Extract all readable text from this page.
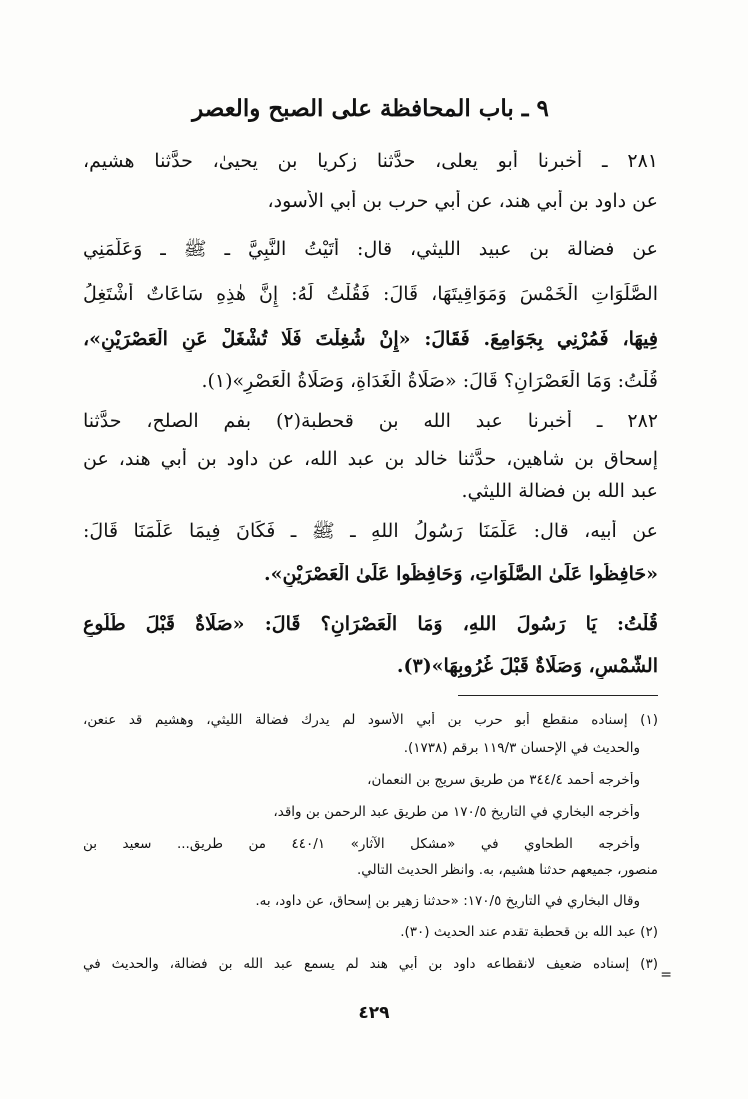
٩ ـ باب المحافظة على الصبح والعصر
٢٨١ ـ أخبرنا أبو يعلى، حدَّثنا زكريا بن يحيىٰ، حدَّثنا هشيم،
عن داود بن أبي هند، عن أبي حرب بن أبي الأسود،
عن فضالة بن عبيد الليثي، قال: أَتَيْتُ النَّبِيَّ ـ ﷺ ـ وَعَلَّمَنِي
الصَّلَوَاتِ الْخَمْسَ وَمَوَاقِيتَهَا، قَالَ: فَقُلْتُ لَهُ: إِنَّ هٰذِهِ سَاعَاتٌ أَشْتَغِلُ
فِيهَا، فَمُرْنِي بِجَوَامِعَ. فَقَالَ: «إِنْ شُغِلْتَ فَلَا تُشْغَلْ عَنِ الْعَصْرَيْنِ»،
قُلْتُ: وَمَا الْعَصْرَانِ؟ قَالَ: «صَلَاةُ الْغَدَاةِ، وَصَلَاةُ الْعَصْرِ»(١).
٢٨٢ ـ أخبرنا عبد الله بن قحطبة(٢) بفم الصلح، حدَّثنا
إسحاق بن شاهين، حدَّثنا خالد بن عبد الله، عن داود بن أبي هند، عن
عبد الله بن فضالة الليثي.
عن أبيه، قال: عَلَّمَنَا رَسُولُ اللهِ ـ ﷺ ـ فَكَانَ فِيمَا عَلَّمَنَا قَالَ:
«حَافِظُوا عَلَىٰ الصَّلَوَاتِ، وَحَافِظُوا عَلَىٰ الْعَصْرَيْنِ».
قُلْتُ: يَا رَسُولَ اللهِ، وَمَا الْعَصْرَانِ؟ قَالَ: «صَلَاةٌ قَبْلَ طُلُوعِ
الشَّمْسِ، وَصَلَاةٌ قَبْلَ غُرُوبِهَا»(٣).
(١) إسناده منقطع أبو حرب بن أبي الأسود لم يدرك فضالة الليثي، وهشيم قد عنعن،
والحديث في الإحسان ١١٩/٣ برقم (١٧٣٨).
وأخرجه أحمد ٣٤٤/٤ من طريق سريج بن النعمان،
وأخرجه البخاري في التاريخ ١٧٠/٥ من طريق عبد الرحمن بن واقد،
وأخرجه الطحاوي في «مشكل الآثار» ٤٤٠/١ من طريق... سعيد بن
منصور، جميعهم حدثنا هشيم، به. وانظر الحديث التالي.
وقال البخاري في التاريخ ١٧٠/٥: «حدثنا زهير بن إسحاق، عن داود، به.
(٢) عبد الله بن قحطبة تقدم عند الحديث (٣٠).
(٣) إسناده ضعيف لانقطاعه داود بن أبي هند لم يسمع عبد الله بن فضالة، والحديث في
=
٤٢٩
